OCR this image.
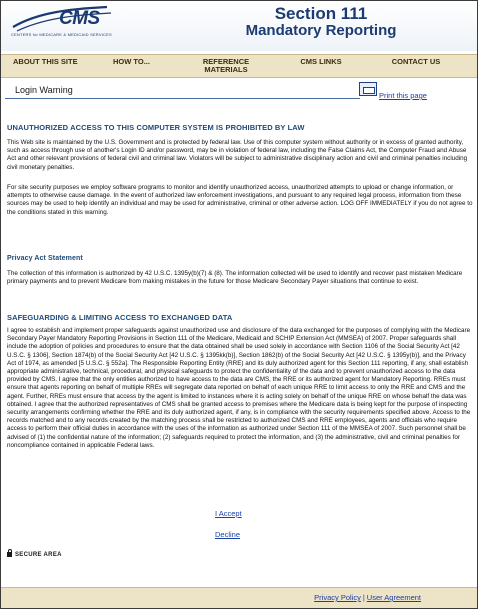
CMS
CENTERS for MEDICARE & MEDICAID SERVICES
Section 111
Mandatory Reporting
ABOUT THIS SITE	HOW TO...	REFERENCE
MATERIALS
CMS LINKS	CONTACT US
Login Warning
Print this page
UNAUTHORIZED ACCESS TO THIS COMPUTER SYSTEM IS PROHIBITED BY LAW
This Web site is maintained by the U.S. Government and is protected by federal law. Use of this computer system without authority or in excess of granted authority, such as access through use of another's Login ID and/or password, may be in violation of federal law, including the False Claims Act, the Computer Fraud and Abuse Act and other relevant provisions of federal civil and criminal law. Violators will be subject to administrative disciplinary action and civil and criminal penalties including civil monetary penalties.
For site security purposes we employ software programs to monitor and identify unauthorized access, unauthorized attempts to upload or change information, or attempts to otherwise cause damage. In the event of authorized law enforcement investigations, and pursuant to any required legal process, information from these sources may be used to help identify an individual and may be used for administrative, criminal or other adverse action. LOG OFF IMMEDIATELY if you do not agree to the conditions stated in this warning.
Privacy Act Statement
The collection of this information is authorized by 42 U.S.C. 1395y(b)(7) & (8). The information collected will be used to identify and recover past mistaken Medicare primary payments and to prevent Medicare from making mistakes in the future for those Medicare Secondary Payer situations that continue to exist.
SAFEGUARDING & LIMITING ACCESS TO EXCHANGED DATA
I agree to establish and implement proper safeguards against unauthorized use and disclosure of the data exchanged for the purposes of complying with the Medicare Secondary Payer Mandatory Reporting Provisions in Section 111 of the Medicare, Medicaid and SCHIP Extension Act (MMSEA) of 2007. Proper safeguards shall include the adoption of policies and procedures to ensure that the data obtained shall be used solely in accordance with Section 1106 of the Social Security Act [42 U.S.C. § 1306], Section 1874(b) of the Social Security Act [42 U.S.C. § 1395kk(b)], Section 1862(b) of the Social Security Act [42 U.S.C. § 1395y(b)], and the Privacy Act of 1974, as amended [5 U.S.C. § 552a]. The Responsible Reporting Entity (RRE) and its duly authorized agent for this Section 111 reporting, if any, shall establish appropriate administrative, technical, procedural, and physical safeguards to protect the confidentiality of the data and to prevent unauthorized access to the data provided by CMS. I agree that the only entities authorized to have access to the data are CMS, the RRE or its authorized agent for Mandatory Reporting. RREs must ensure that agents reporting on behalf of multiple RREs will segregate data reported on behalf of each unique RRE to limit access to only the RRE and CMS and the agent. Further, RREs must ensure that access by the agent is limited to instances where it is acting solely on behalf of the unique RRE on whose behalf the data was obtained. I agree that the authorized representatives of CMS shall be granted access to premises where the Medicare data is being kept for the purpose of inspecting security arrangements confirming whether the RRE and its duly authorized agent, if any, is in compliance with the security requirements specified above. Access to the records matched and to any records created by the matching process shall be restricted to authorized CMS and RRE employees, agents and officials who require access to perform their official duties in accordance with the uses of the information as authorized under Section 111 of the MMSEA of 2007. Such personnel shall be advised of (1) the confidential nature of the information; (2) safeguards required to protect the information, and (3) the administrative, civil and criminal penalties for noncompliance contained in applicable Federal laws.
I Accept
Decline
SECURE AREA
Privacy Policy | User Agreement
